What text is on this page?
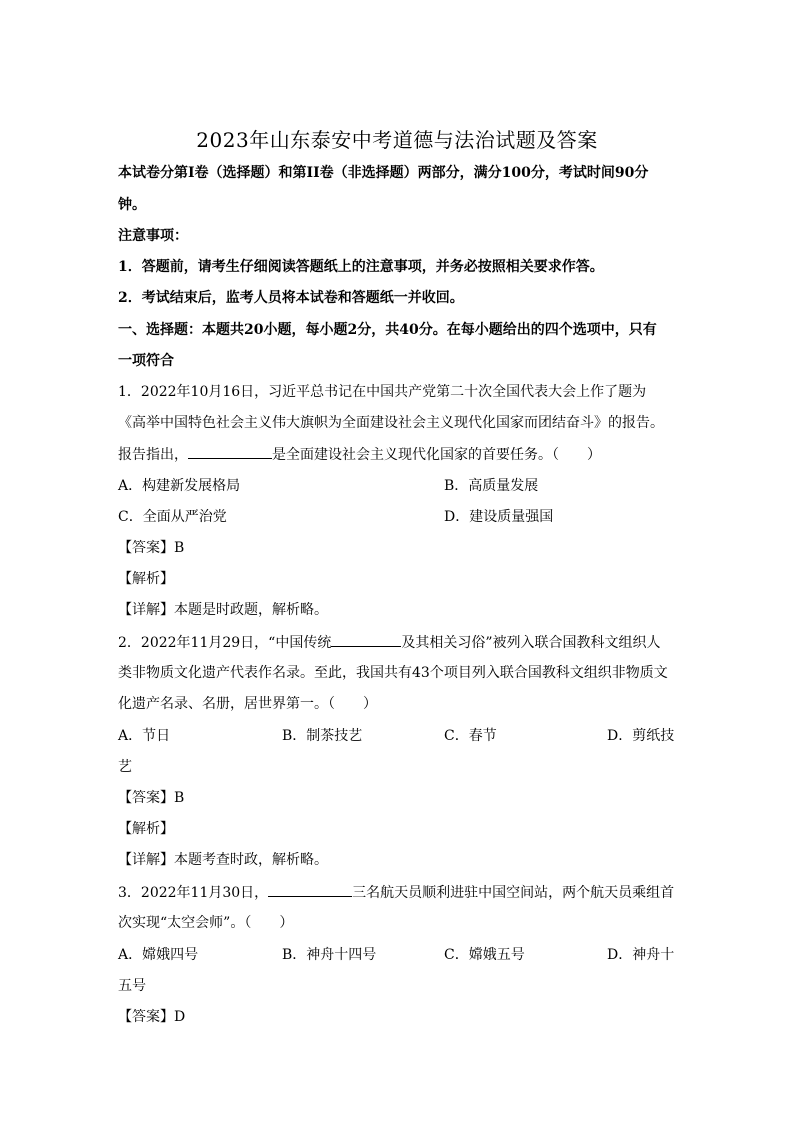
2023年山东泰安中考道德与法治试题及答案
本试卷分第Ⅰ卷（选择题）和第II卷（非选择题）两部分，满分100分，考试时间90分
钟。
注意事项：
1．答题前，请考生仔细阅读答题纸上的注意事项，并务必按照相关要求作答。
2．考试结束后，监考人员将本试卷和答题纸一并收回。
一、选择题：本题共20小题，每小题2分，共40分。在每小题给出的四个选项中，只有
一项符合
1．2022年10月16日，习近平总书记在中国共产党第二十次全国代表大会上作了题为
《高举中国特色社会主义伟大旗帜为全面建设社会主义现代化国家而团结奋斗》的报告。
报告指出，	是全面建设社会主义现代化国家的首要任务。（　　）
A．构建新发展格局	B．高质量发展
C．全面从严治党	D．建设质量强国
【答案】B
【解析】
【详解】本题是时政题，解析略。
2．2022年11月29日，“中国传统	及其相关习俗”被列入联合国教科文组织人
类非物质文化遗产代表作名录。至此，我国共有43个项目列入联合国教科文组织非物质文
化遗产名录、名册，居世界第一。（　　）
A．节日	B．制茶技艺	C．春节	D．剪纸技
艺
【答案】B
【解析】
【详解】本题考查时政，解析略。
3．2022年11月30日，	三名航天员顺利进驻中国空间站，两个航天员乘组首
次实现“太空会师”。（　　）
A．嫦娥四号	B．神舟十四号	C．嫦娥五号	D．神舟十
五号
【答案】D
